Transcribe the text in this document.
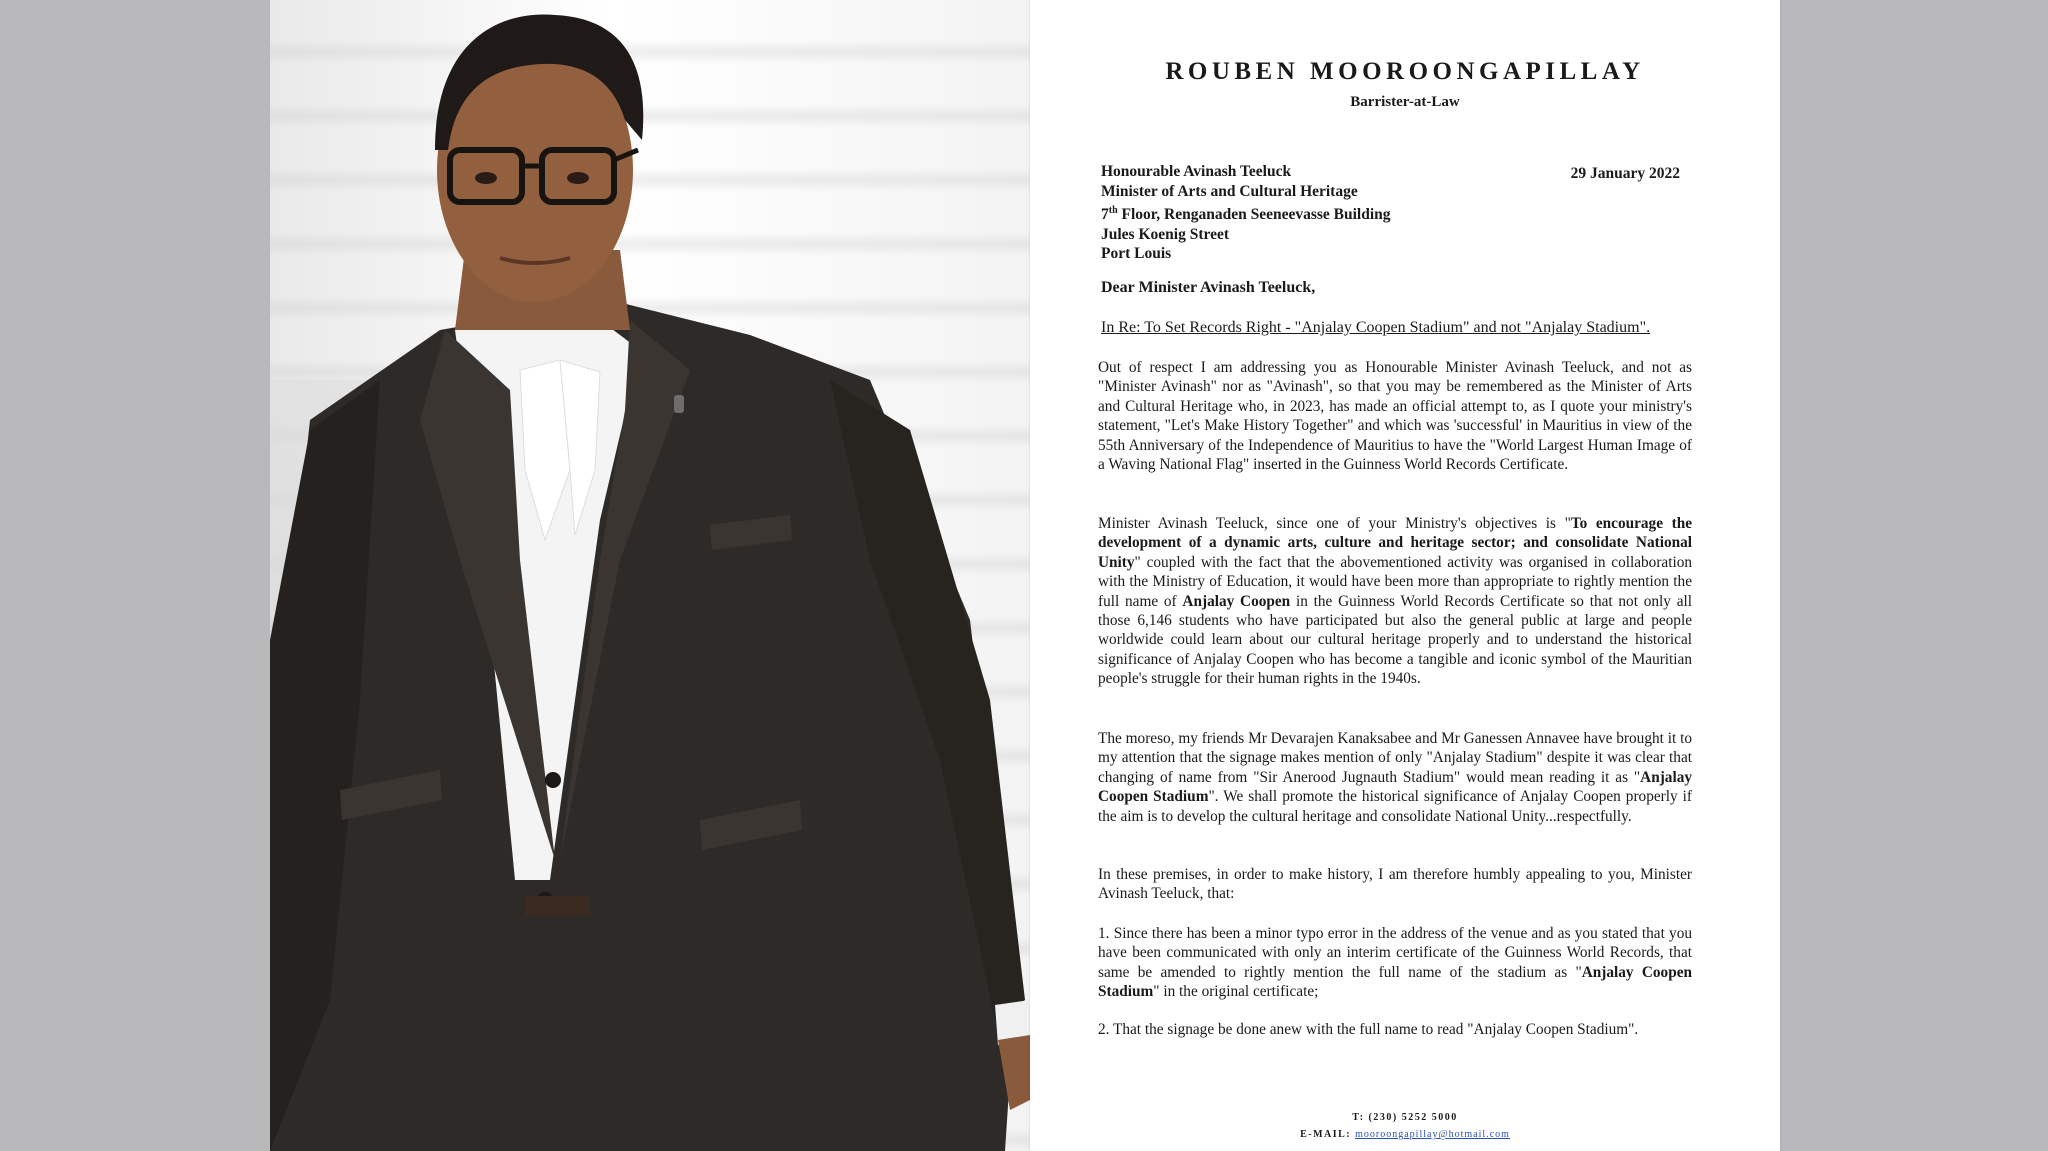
ROUBEN MOOROONGAPILLAY
Barrister-at-Law
Honourable Avinash Teeluck
Minister of Arts and Cultural Heritage
7th Floor, Renganaden Seeneevasse Building
Jules Koenig Street
Port Louis
29 January 2022
Dear Minister Avinash Teeluck,
In Re: To Set Records Right - "Anjalay Coopen Stadium" and not "Anjalay Stadium".
Out of respect I am addressing you as Honourable Minister Avinash Teeluck, and not as "Minister Avinash" nor as "Avinash", so that you may be remembered as the Minister of Arts and Cultural Heritage who, in 2023, has made an official attempt to, as I quote your ministry's statement, "Let's Make History Together" and which was 'successful' in Mauritius in view of the 55th Anniversary of the Independence of Mauritius to have the "World Largest Human Image of a Waving National Flag" inserted in the Guinness World Records Certificate.
Minister Avinash Teeluck, since one of your Ministry's objectives is "To encourage the development of a dynamic arts, culture and heritage sector; and consolidate National Unity" coupled with the fact that the abovementioned activity was organised in collaboration with the Ministry of Education, it would have been more than appropriate to rightly mention the full name of Anjalay Coopen in the Guinness World Records Certificate so that not only all those 6,146 students who have participated but also the general public at large and people worldwide could learn about our cultural heritage properly and to understand the historical significance of Anjalay Coopen who has become a tangible and iconic symbol of the Mauritian people's struggle for their human rights in the 1940s.
The moreso, my friends Mr Devarajen Kanaksabee and Mr Ganessen Annavee have brought it to my attention that the signage makes mention of only "Anjalay Stadium" despite it was clear that changing of name from "Sir Anerood Jugnauth Stadium" would mean reading it as "Anjalay Coopen Stadium". We shall promote the historical significance of Anjalay Coopen properly if the aim is to develop the cultural heritage and consolidate National Unity...respectfully.
In these premises, in order to make history, I am therefore humbly appealing to you, Minister Avinash Teeluck, that:
1. Since there has been a minor typo error in the address of the venue and as you stated that you have been communicated with only an interim certificate of the Guinness World Records, that same be amended to rightly mention the full name of the stadium as "Anjalay Coopen Stadium" in the original certificate;
2. That the signage be done anew with the full name to read "Anjalay Coopen Stadium".
T: (230) 5252 5000
E-MAIL: mooroongapillay@hotmail.com
